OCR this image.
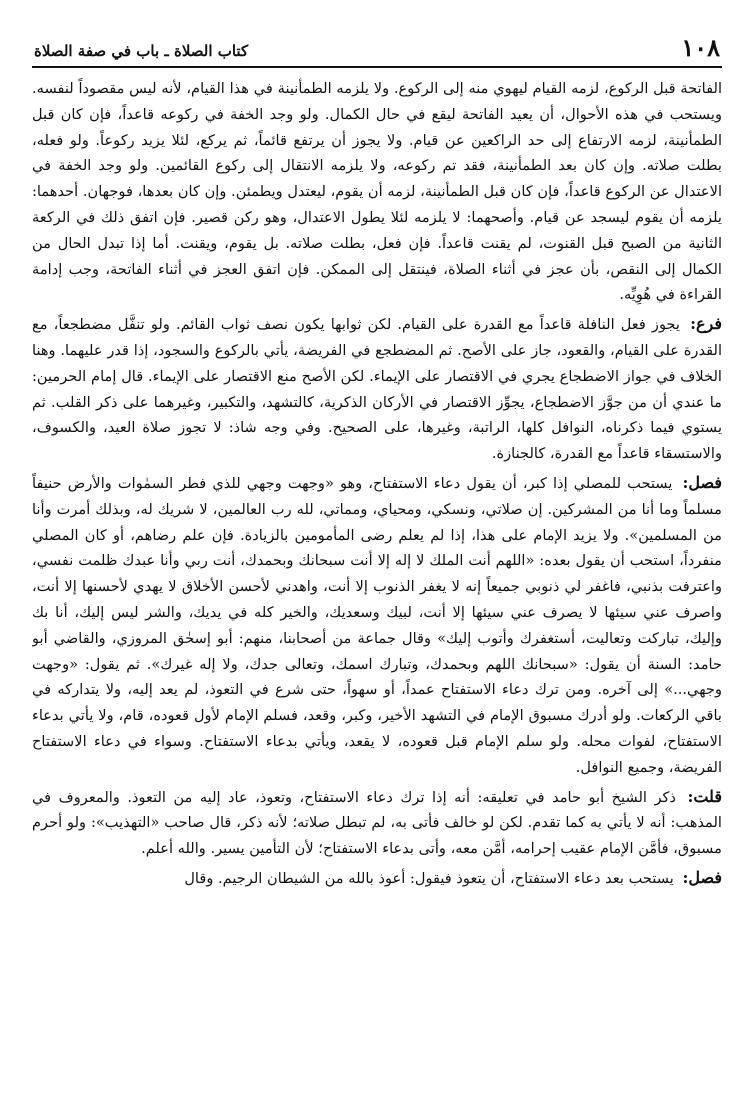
١٠٨
كتاب الصلاة ـ باب في صفة الصلاة

الفاتحة قبل الركوع، لزمه القيام ليهوي منه إلى الركوع. ولا يلزمه الطمأنينة في هذا القيام، لأنه ليس مقصوداً لنفسه. ويستحب في هذه الأحوال، أن يعيد الفاتحة ليقع في حال الكمال. ولو وجد الخفة في ركوعه قاعداً، فإن كان قبل الطمأنينة، لزمه الارتفاع إلى حد الراكعين عن قيام. ولا يجوز أن يرتفع قائماً، ثم يركع، لئلا يزيد ركوعاً. ولو فعله، بطلت صلاته. وإن كان بعد الطمأنينة، فقد تم ركوعه، ولا يلزمه الانتقال إلى ركوع القائمين. ولو وجد الخفة في الاعتدال عن الركوع قاعداً، فإن كان قبل الطمأنينة، لزمه أن يقوم، ليعتدل ويطمئن. وإن كان بعدها، فوجهان. أحدهما: يلزمه أن يقوم ليسجد عن قيام. وأصحهما: لا يلزمه لئلا يطول الاعتدال، وهو ركن قصير. فإن اتفق ذلك في الركعة الثانية من الصبح قبل القنوت، لم يقنت قاعداً. فإن فعل، بطلت صلاته. بل يقوم، ويقنت. أما إذا تبدل الحال من الكمال إلى النقص، بأن عجز في أثناء الصلاة، فينتقل إلى الممكن. فإن اتفق العجز في أثناء الفاتحة، وجب إدامة القراءة في هُوِيِّه.

فرع: يجوز فعل النافلة قاعداً مع القدرة على القيام. لكن ثوابها يكون نصف ثواب القائم. ولو تنفَّل مضطجعاً، مع القدرة على القيام، والقعود، جاز على الأصح. ثم المضطجع في الفريضة، يأتي بالركوع والسجود، إذا قدر عليهما. وهنا الخلاف في جواز الاضطجاع يجري في الاقتصار على الإيماء. لكن الأصح منع الاقتصار على الإيماء. قال إمام الحرمين: ما عندي أن من جوَّز الاضطجاع، يجوِّز الاقتصار في الأركان الذكرية، كالتشهد، والتكبير، وغيرهما على ذكر القلب. ثم يستوي فيما ذكرناه، النوافل كلها، الراتبة، وغيرها، على الصحيح. وفي وجه شاذ: لا تجوز صلاة العيد، والكسوف، والاستسقاء قاعداً مع القدرة، كالجنازة.

فصل: يستحب للمصلي إذا كبر، أن يقول دعاء الاستفتاح، وهو «وجهت وجهي للذي فطر السمٰوات والأرض حنيفاً مسلماً وما أنا من المشركين. إن صلاتي، ونسكي، ومحياي، ومماتي، لله رب العالمين، لا شريك له، وبذلك أمرت وأنا من المسلمين». ولا يزيد الإمام على هذا، إذا لم يعلم رضى المأمومين بالزيادة. فإن علم رضاهم، أو كان المصلي منفرداً، استحب أن يقول بعده: «اللهم أنت الملك لا إله إلا أنت سبحانك وبحمدك، أنت ربي وأنا عبدك ظلمت نفسي، واعترفت بذنبي، فاغفر لي ذنوبي جميعاً إنه لا يغفر الذنوب إلا أنت، واهدني لأحسن الأخلاق لا يهدي لأحسنها إلا أنت، واصرف عني سيئها لا يصرف عني سيئها إلا أنت، لبيك وسعديك، والخير كله في يديك، والشر ليس إليك، أنا بك وإليك، تباركت وتعاليت، أستغفرك وأتوب إليك» وقال جماعة من أصحابنا، منهم: أبو إسحٰق المروزي، والقاضي أبو حامد: السنة أن يقول: «سبحانك اللهم وبحمدك، وتبارك اسمك، وتعالى جدك، ولا إله غيرك». ثم يقول: «وجهت وجهي...» إلى آخره. ومن ترك دعاء الاستفتاح عمداً، أو سهواً، حتى شرع في التعوذ، لم يعد إليه، ولا يتداركه في باقي الركعات. ولو أدرك مسبوق الإمام في التشهد الأخير، وكبر، وقعد، فسلم الإمام لأول قعوده، قام، ولا يأتي بدعاء الاستفتاح، لفوات محله. ولو سلم الإمام قبل قعوده، لا يقعد، ويأتي بدعاء الاستفتاح. وسواء في دعاء الاستفتاح الفريضة، وجميع النوافل.

قلت: ذكر الشيخ أبو حامد في تعليقه: أنه إذا ترك دعاء الاستفتاح، وتعوذ، عاد إليه من التعوذ. والمعروف في المذهب: أنه لا يأتي به كما تقدم. لكن لو خالف فأتى به، لم تبطل صلاته؛ لأنه ذكر، قال صاحب «التهذيب»: ولو أحرم مسبوق، فأمَّن الإمام عقيب إحرامه، أمَّن معه، وأتى بدعاء الاستفتاح؛ لأن التأمين يسير. والله أعلم.

فصل: يستحب بعد دعاء الاستفتاح، أن يتعوذ فيقول: أعوذ بالله من الشيطان الرجيم. وقال
